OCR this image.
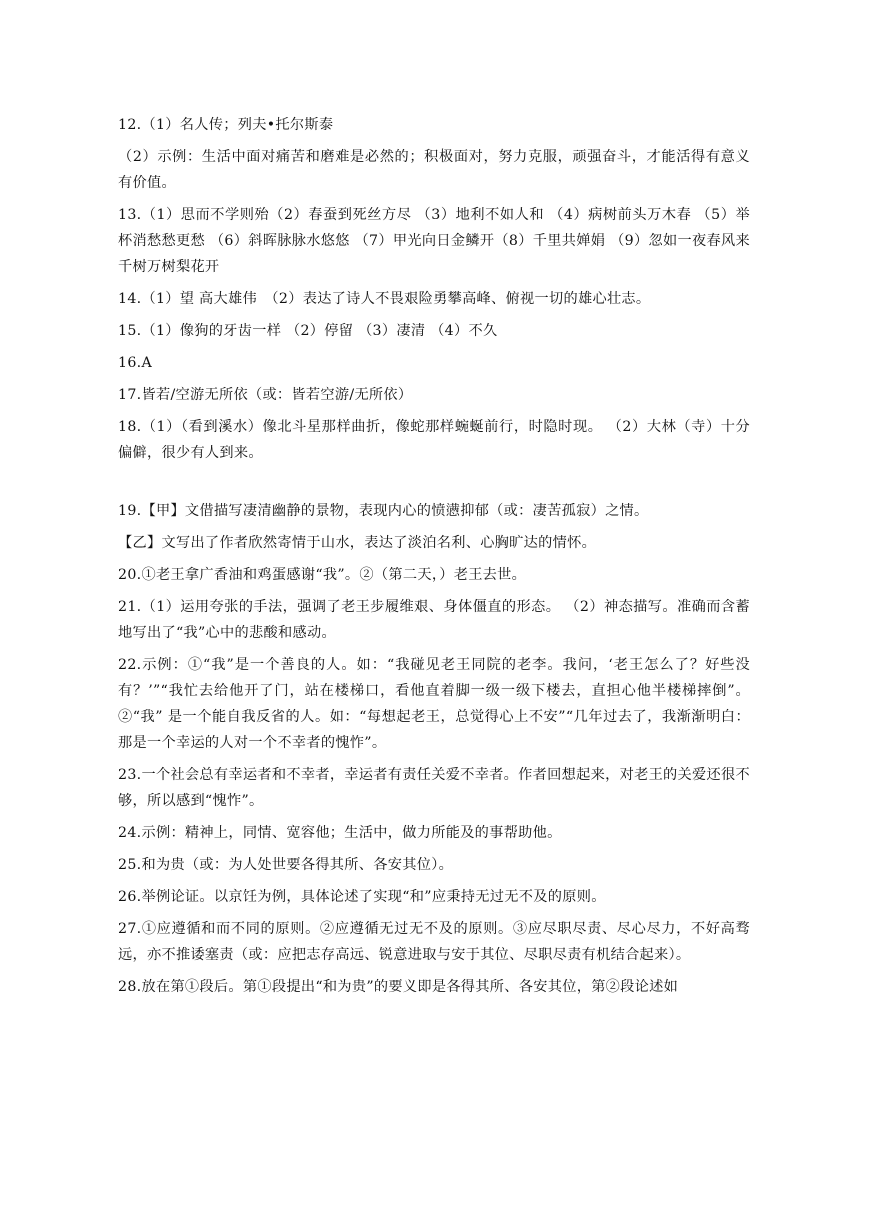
12.（1）名人传；列夫•托尔斯泰

（2）示例：生活中面对痛苦和磨难是必然的；积极面对，努力克服，顽强奋斗，才能活得有意义有价值。

13.（1）思而不学则殆（2）春蚕到死丝方尽 （3）地利不如人和 （4）病树前头万木春 （5）举杯消愁愁更愁 （6）斜晖脉脉水悠悠 （7）甲光向日金鳞开（8）千里共婵娟 （9）忽如一夜春风来 千树万树梨花开

14.（1）望 高大雄伟　（2）表达了诗人不畏艰险勇攀高峰、俯视一切的雄心壮志。

15.（1）像狗的牙齿一样 （2）停留 （3）凄清 （4）不久

16.A

17.皆若/空游无所依（或：皆若空游/无所依）

18.（1）（看到溪水）像北斗星那样曲折，像蛇那样蜿蜒前行，时隐时现。 （2）大林（寺）十分偏僻，很少有人到来。

19.【甲】文借描写凄清幽静的景物，表现内心的愤懑抑郁（或：凄苦孤寂）之情。

【乙】文写出了作者欣然寄情于山水，表达了淡泊名利、心胸旷达的情怀。

20.①老王拿广香油和鸡蛋感谢“我”。②（第二天，）老王去世。

21.（1）运用夸张的手法，强调了老王步履维艰、身体僵直的形态。 （2）神态描写。准确而含蓄地写出了“我”心中的悲酸和感动。

22.示例：①“我”是一个善良的人。如：“我碰见老王同院的老李。我问，‘老王怎么了？好些没有？’”“我忙去给他开了门，站在楼梯口，看他直着脚一级一级下楼去，直担心他半楼梯摔倒”。②“我” 是一个能自我反省的人。如：“每想起老王，总觉得心上不安”“几年过去了，我渐渐明白：那是一个幸运的人对一个不幸者的愧怍”。

23.一个社会总有幸运者和不幸者，幸运者有责任关爱不幸者。作者回想起来，对老王的关爱还很不够，所以感到“愧怍”。

24.示例：精神上，同情、宽容他；生活中，做力所能及的事帮助他。

25.和为贵（或：为人处世要各得其所、各安其位）。

26.举例论证。以京饪为例，具体论述了实现“和”应秉持无过无不及的原则。

27.①应遵循和而不同的原则。②应遵循无过无不及的原则。③应尽职尽责、尽心尽力，不好高骛远，亦不推诿塞责（或：应把志存高远、锐意进取与安于其位、尽职尽责有机结合起来）。

28.放在第①段后。第①段提出“和为贵”的要义即是各得其所、各安其位，第②段论述如
